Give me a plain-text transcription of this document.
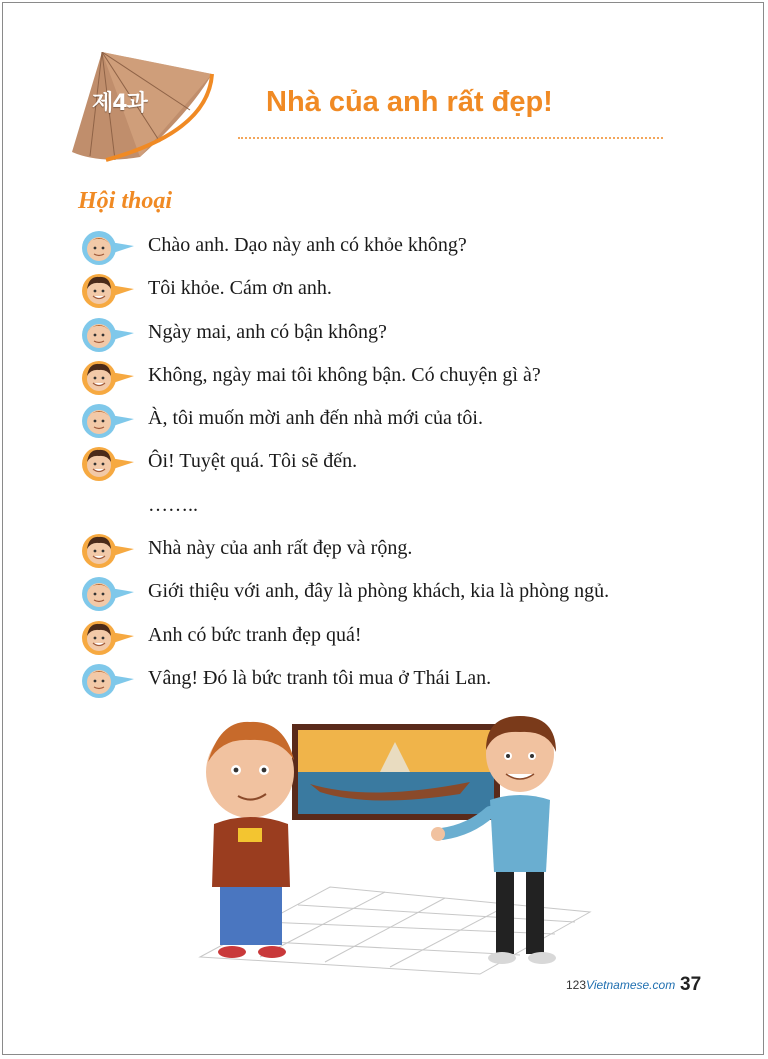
제4과	Nhà của anh rất đẹp!
Hội thoại
Chào anh. Dạo này anh có khỏe không?
Tôi khỏe. Cám ơn anh.
Ngày mai, anh có bận không?
Không, ngày mai tôi không bận. Có chuyện gì à?
À, tôi muốn mời anh đến nhà mới của tôi.
Ôi! Tuyệt quá. Tôi sẽ đến.
……..
Nhà này của anh rất đẹp và rộng.
Giới thiệu với anh, đây là phòng khách, kia là phòng ngủ.
Anh có bức tranh đẹp quá!
Vâng! Đó là bức tranh tôi mua ở Thái Lan.
123Vietnamese.com 37
